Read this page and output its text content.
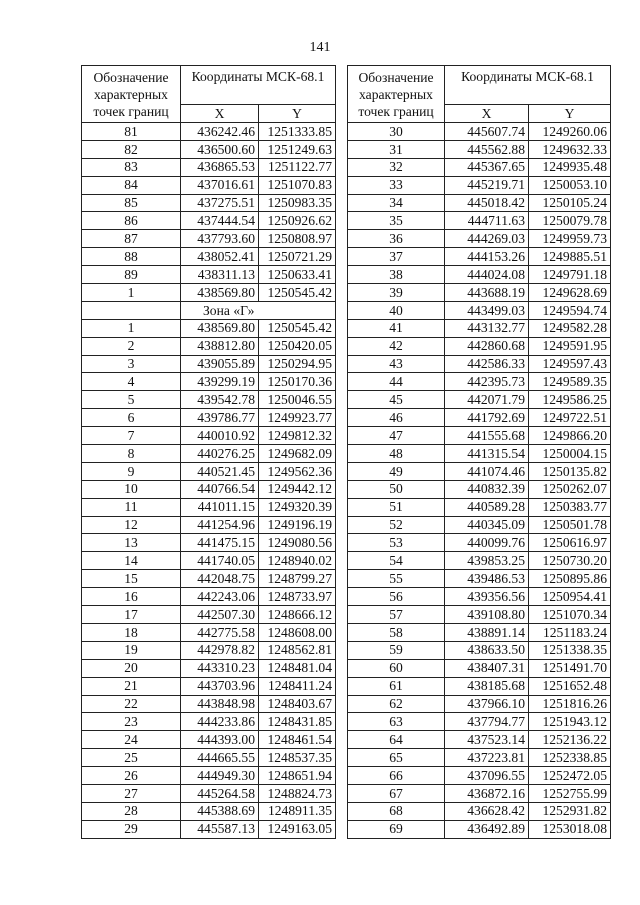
141
Обозначение характерных точек границ	Координаты МСК-68.1	
	X	Y
81	436242.46	1251333.85
82	436500.60	1251249.63
83	436865.53	1251122.77
84	437016.61	1251070.83
85	437275.51	1250983.35
86	437444.54	1250926.62
87	437793.60	1250808.97
88	438052.41	1250721.29
89	438311.13	1250633.41
1	438569.80	1250545.42
	Зона «Г»	
1	438569.80	1250545.42
2	438812.80	1250420.05
3	439055.89	1250294.95
4	439299.19	1250170.36
5	439542.78	1250046.55
6	439786.77	1249923.77
7	440010.92	1249812.32
8	440276.25	1249682.09
9	440521.45	1249562.36
10	440766.54	1249442.12
11	441011.15	1249320.39
12	441254.96	1249196.19
13	441475.15	1249080.56
14	441740.05	1248940.02
15	442048.75	1248799.27
16	442243.06	1248733.97
17	442507.30	1248666.12
18	442775.58	1248608.00
19	442978.82	1248562.81
20	443310.23	1248481.04
21	443703.96	1248411.24
22	443848.98	1248403.67
23	444233.86	1248431.85
24	444393.00	1248461.54
25	444665.55	1248537.35
26	444949.30	1248651.94
27	445264.58	1248824.73
28	445388.69	1248911.35
29	445587.13	1249163.05
Обозначение характерных точек границ	Координаты МСК-68.1	
	X	Y
30	445607.74	1249260.06
31	445562.88	1249632.33
32	445367.65	1249935.48
33	445219.71	1250053.10
34	445018.42	1250105.24
35	444711.63	1250079.78
36	444269.03	1249959.73
37	444153.26	1249885.51
38	444024.08	1249791.18
39	443688.19	1249628.69
40	443499.03	1249594.74
41	443132.77	1249582.28
42	442860.68	1249591.95
43	442586.33	1249597.43
44	442395.73	1249589.35
45	442071.79	1249586.25
46	441792.69	1249722.51
47	441555.68	1249866.20
48	441315.54	1250004.15
49	441074.46	1250135.82
50	440832.39	1250262.07
51	440589.28	1250383.77
52	440345.09	1250501.78
53	440099.76	1250616.97
54	439853.25	1250730.20
55	439486.53	1250895.86
56	439356.56	1250954.41
57	439108.80	1251070.34
58	438891.14	1251183.24
59	438633.50	1251338.35
60	438407.31	1251491.70
61	438185.68	1251652.48
62	437966.10	1251816.26
63	437794.77	1251943.12
64	437523.14	1252136.22
65	437223.81	1252338.85
66	437096.55	1252472.05
67	436872.16	1252755.99
68	436628.42	1252931.82
69	436492.89	1253018.08
